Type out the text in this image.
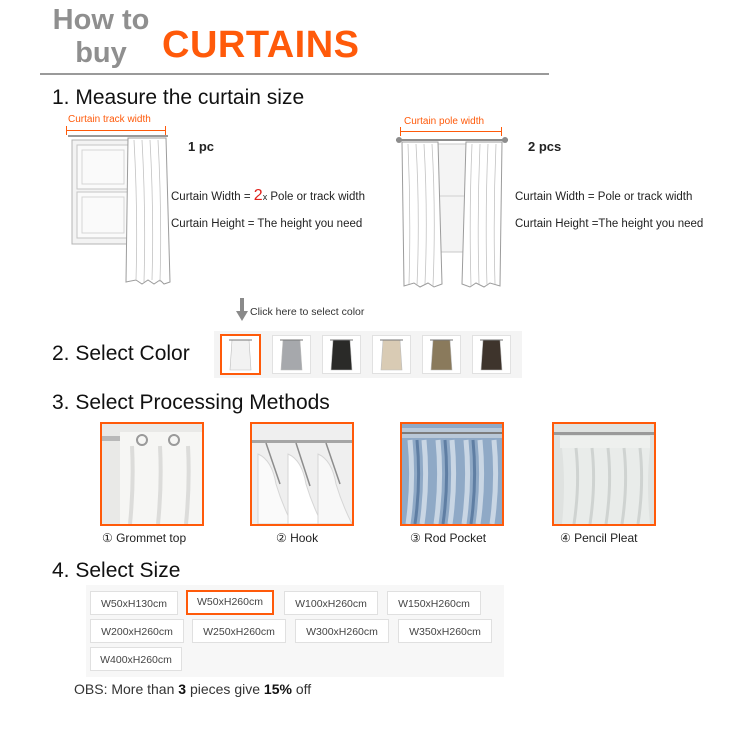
How to
buy CURTAINS
1. Measure the curtain size
Curtain track width
1 pc
Curtain Width = 2x Pole or track width
Curtain Height = The height you need
Curtain pole width
2 pcs
Curtain Width = Pole or track width
Curtain Height =The height you need
Click here to select color
2. Select Color
3. Select Processing Methods
① Grommet top	② Hook	③ Rod Pocket	④ Pencil Pleat
4. Select Size
W50xH130cm	W50xH260cm	W100xH260cm	W150xH260cm
W200xH260cm	W250xH260cm	W300xH260cm	W350xH260cm
W400xH260cm
OBS: More than 3 pieces give 15% off
